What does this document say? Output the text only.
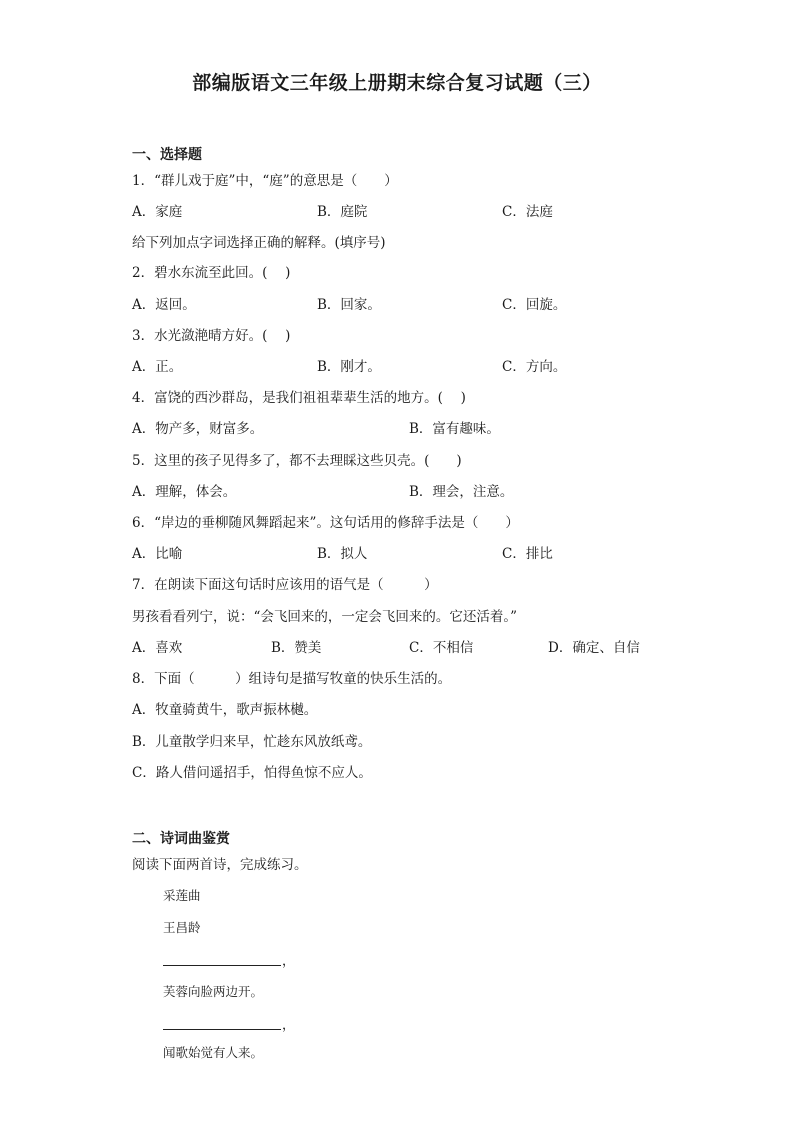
部编版语文三年级上册期末综合复习试题（三）
一、选择题
1．“群儿戏于庭”中，“庭”的意思是（　　）
A．家庭	B．庭院	C．法庭
给下列加点字词选择正确的解释。(填序号)
2．碧水东流至此回。(　 )
A．返回。	B．回家。	C．回旋。
3．水光潋滟晴方好。(　 )
A．正。	B．刚才。	C．方向。
4．富饶的西沙群岛，是我们祖祖辈辈生活的地方。(　 )
A．物产多，财富多。	B．富有趣味。
5．这里的孩子见得多了，都不去理睬这些贝壳。(　　)
A．理解，体会。	B．理会，注意。
6．“岸边的垂柳随风舞蹈起来”。这句话用的修辞手法是（　　）
A．比喻	B．拟人	C．排比
7．在朗读下面这句话时应该用的语气是（　　　）
男孩看看列宁，说：“会飞回来的，一定会飞回来的。它还活着。”
A．喜欢	B．赞美	C．不相信	D．确定、自信
8．下面（　　　）组诗句是描写牧童的快乐生活的。
A．牧童骑黄牛，歌声振林樾。
B．儿童散学归来早，忙趁东风放纸鸢。
C．路人借问遥招手，怕得鱼惊不应人。
二、诗词曲鉴赏
阅读下面两首诗，完成练习。
采莲曲
王昌龄
，
芙蓉向脸两边开。
，
闻歌始觉有人来。
